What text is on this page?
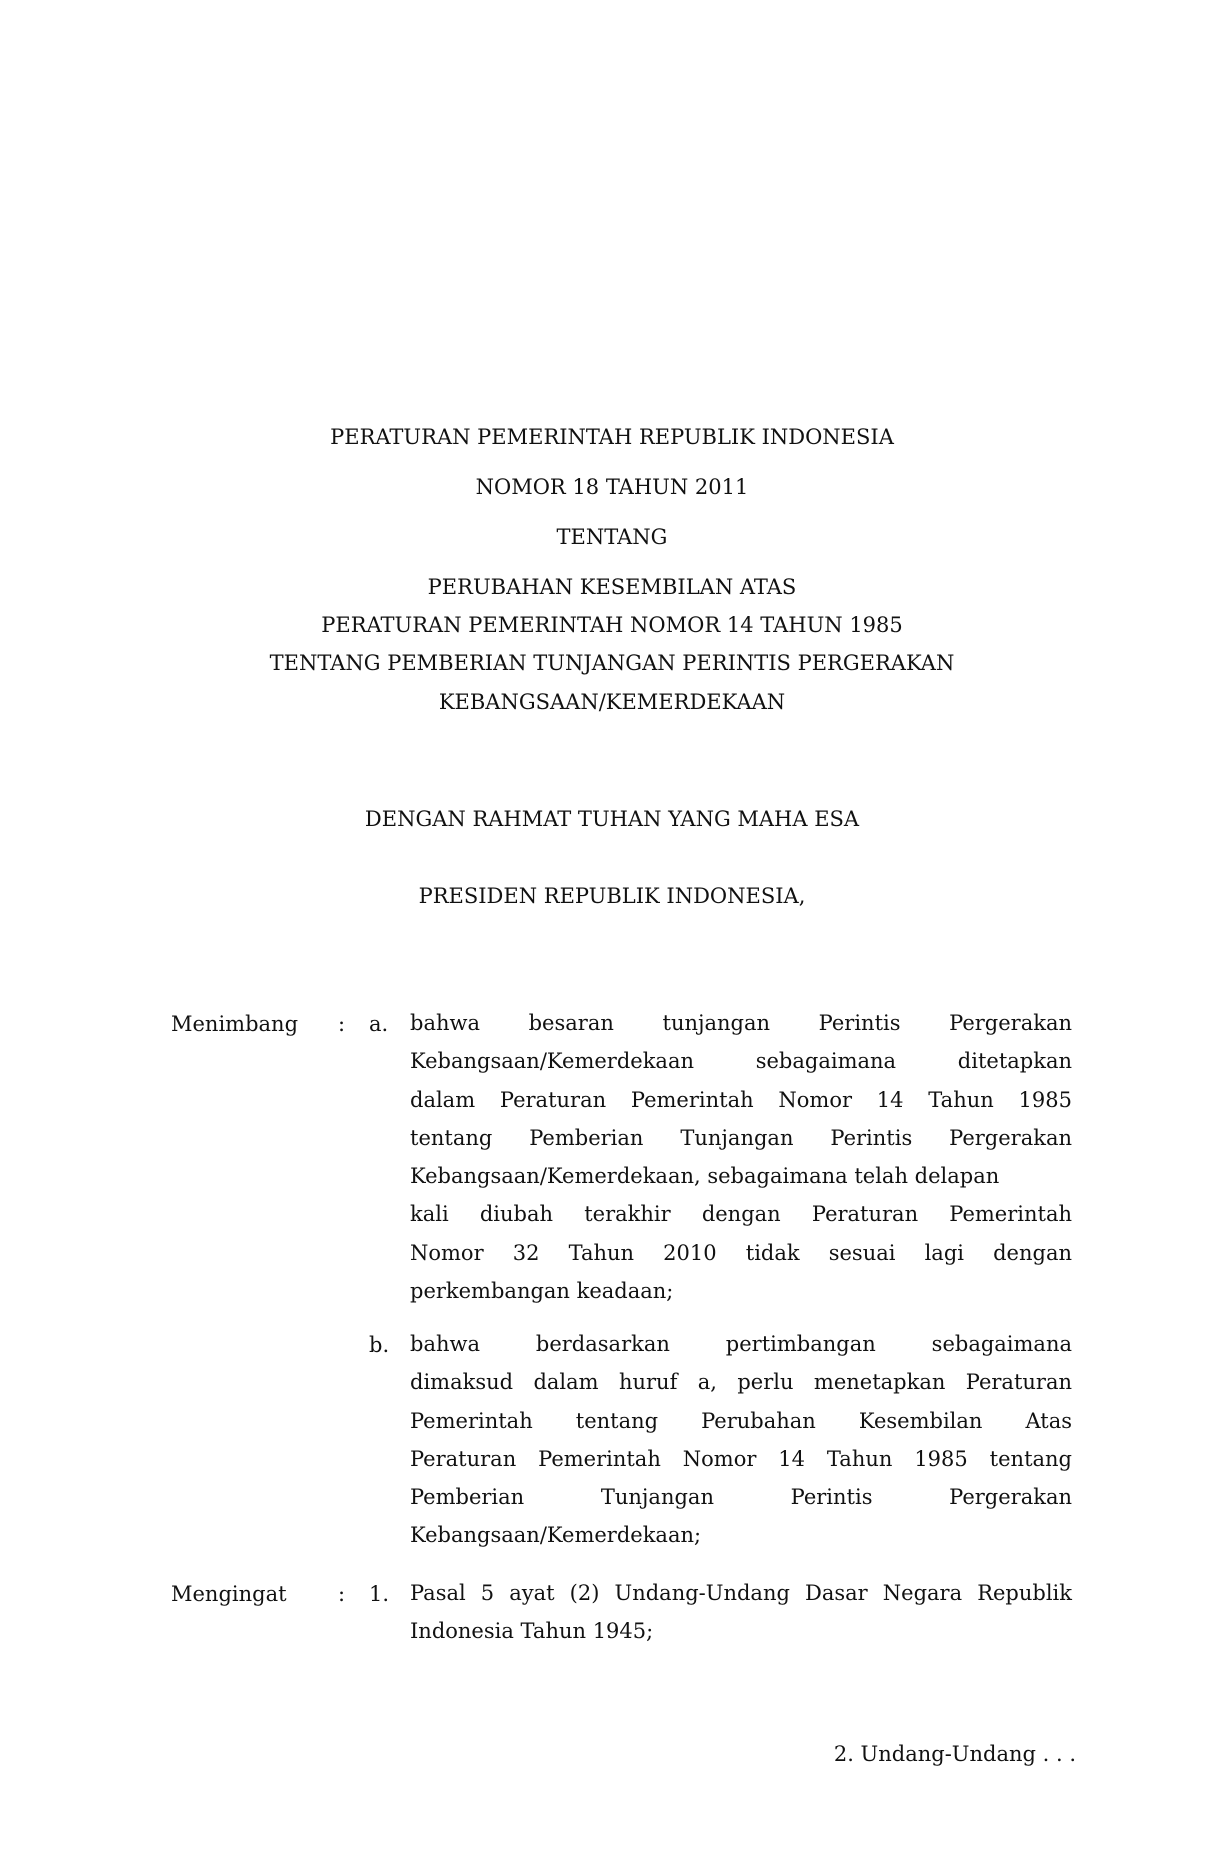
PERATURAN PEMERINTAH REPUBLIK INDONESIA
NOMOR 18 TAHUN 2011
TENTANG
PERUBAHAN KESEMBILAN ATAS
PERATURAN PEMERINTAH NOMOR 14 TAHUN 1985
TENTANG PEMBERIAN TUNJANGAN PERINTIS PERGERAKAN
KEBANGSAAN/KEMERDEKAAN
DENGAN RAHMAT TUHAN YANG MAHA ESA
PRESIDEN REPUBLIK INDONESIA,
Menimbang : a. bahwa besaran tunjangan Perintis Pergerakan
Kebangsaan/Kemerdekaan sebagaimana ditetapkan
dalam Peraturan Pemerintah Nomor 14 Tahun 1985
tentang Pemberian Tunjangan Perintis Pergerakan
Kebangsaan/Kemerdekaan, sebagaimana telah delapan
kali diubah terakhir dengan Peraturan Pemerintah
Nomor 32 Tahun 2010 tidak sesuai lagi dengan
perkembangan keadaan;
b. bahwa berdasarkan pertimbangan sebagaimana
dimaksud dalam huruf a, perlu menetapkan Peraturan
Pemerintah tentang Perubahan Kesembilan Atas
Peraturan Pemerintah Nomor 14 Tahun 1985 tentang
Pemberian Tunjangan Perintis Pergerakan
Kebangsaan/Kemerdekaan;
Mengingat : 1. Pasal 5 ayat (2) Undang-Undang Dasar Negara Republik
Indonesia Tahun 1945;
2. Undang-Undang . . .
